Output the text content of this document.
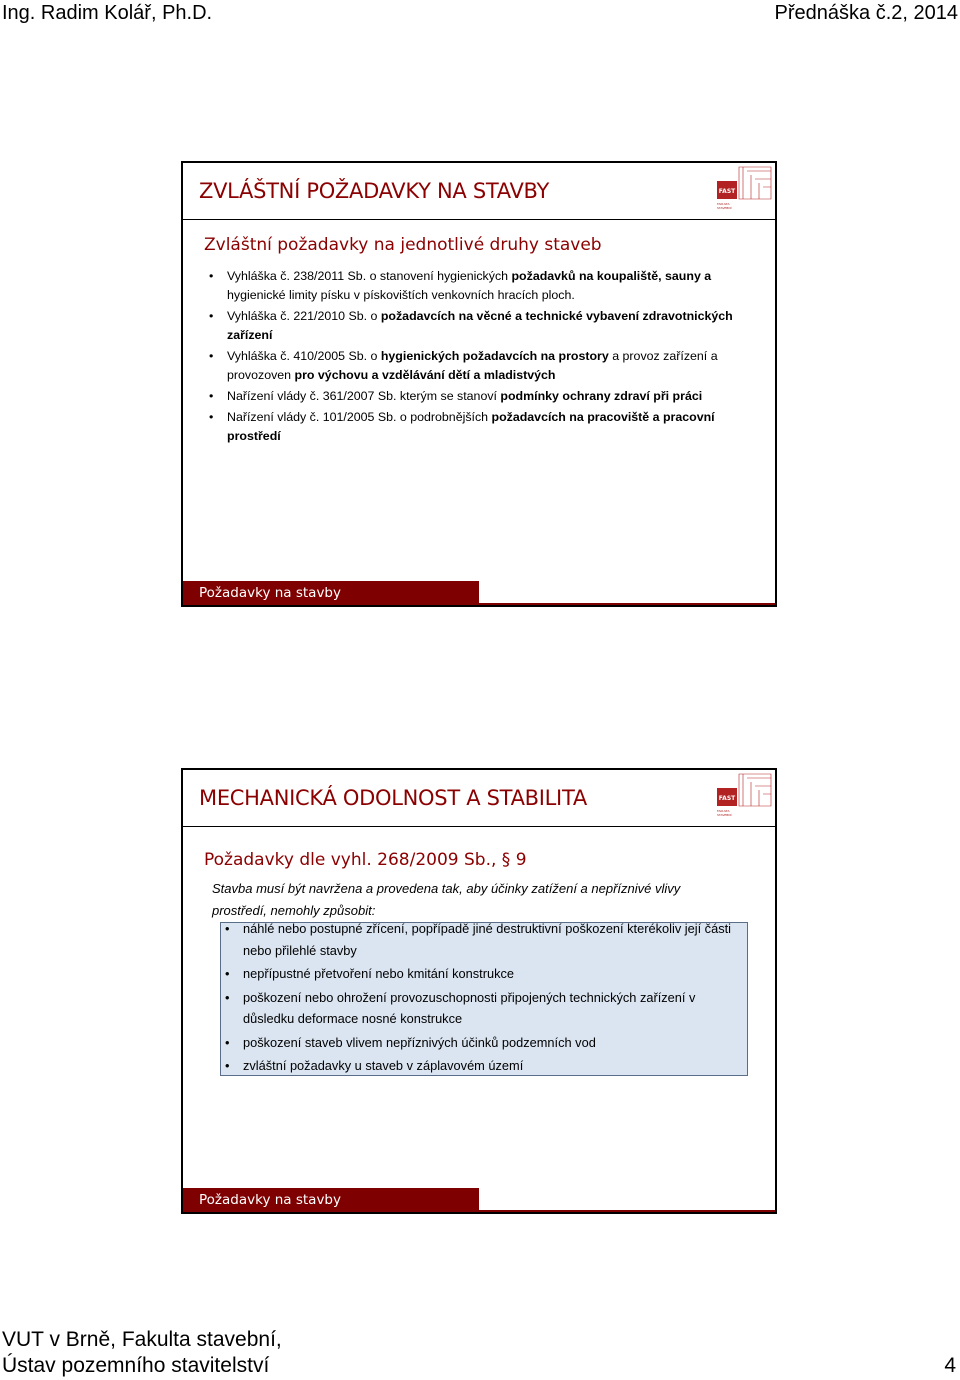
Ing. Radim Kolář, Ph.D.	Přednáška č.2, 2014
ZVLÁŠTNÍ POŽADAVKY NA STAVBY	FAST
FAKULTA
STAVEBNÍ
Zvláštní požadavky na jednotlivé druhy staveb
• Vyhláška č. 238/2011 Sb. o stanovení hygienických požadavků na koupaliště, sauny a hygienické limity písku v pískovištích venkovních hracích ploch.
• Vyhláška č. 221/2010 Sb. o požadavcích na věcné a technické vybavení zdravotnických zařízení
• Vyhláška č. 410/2005 Sb. o hygienických požadavcích na prostory a provoz zařízení a provozoven pro výchovu a vzdělávání dětí a mladistvých
• Nařízení vlády č. 361/2007 Sb. kterým se stanoví podmínky ochrany zdraví při práci
• Nařízení vlády č. 101/2005 Sb. o podrobnějších požadavcích na pracoviště a pracovní prostředí
Požadavky na stavby
MECHANICKÁ ODOLNOST A STABILITA	FAST
FAKULTA
STAVEBNÍ
Požadavky dle vyhl. 268/2009 Sb., § 9
Stavba musí být navržena a provedena tak, aby účinky zatížení a nepříznivé vlivy prostředí, nemohly způsobit:
• náhlé nebo postupné zřícení, popřípadě jiné destruktivní poškození kterékoliv její části nebo přilehlé stavby
• nepřípustné přetvoření nebo kmitání konstrukce
• poškození nebo ohrožení provozuschopnosti připojených technických zařízení v důsledku deformace nosné konstrukce
• poškození staveb vlivem nepříznivých účinků podzemních vod
• zvláštní požadavky u staveb v záplavovém území
Požadavky na stavby
VUT v Brně, Fakulta stavební,
Ústav pozemního stavitelství	4
